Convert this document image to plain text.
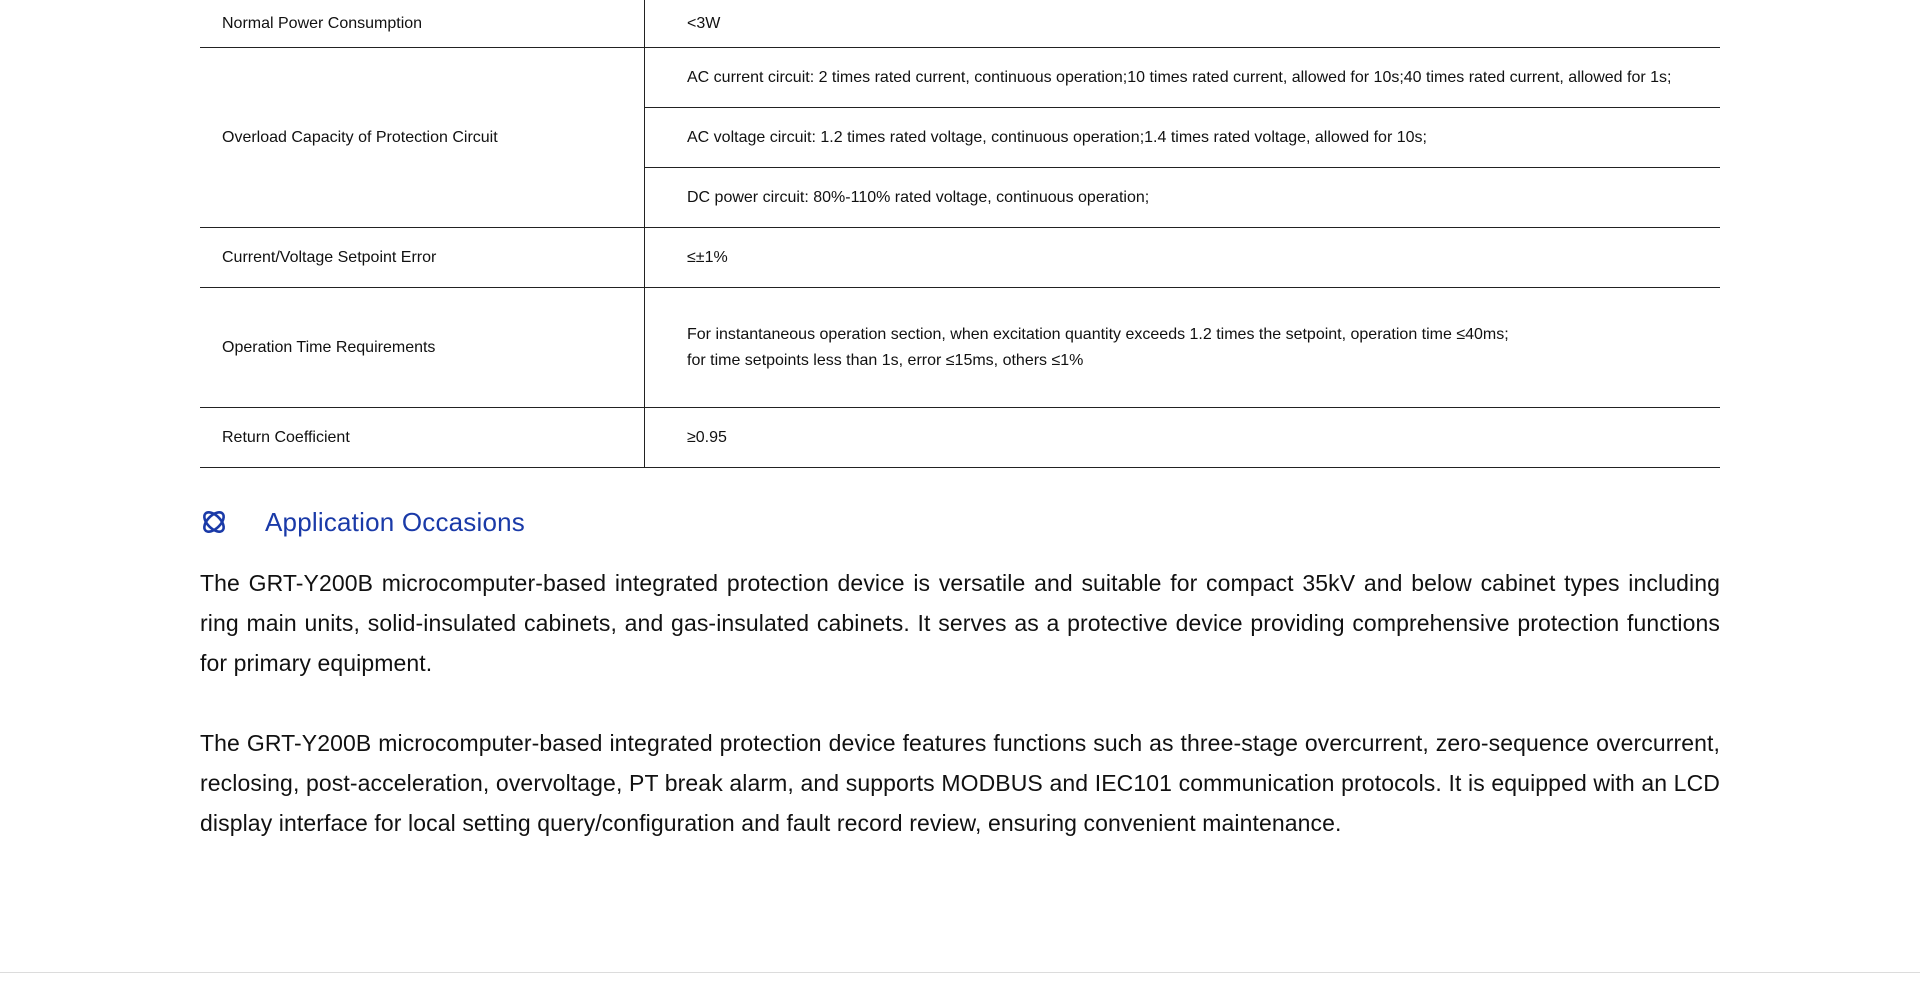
Normal Power Consumption	<3W
Overload Capacity of Protection Circuit	AC current circuit: 2 times rated current, continuous operation;10 times rated current, allowed for 10s;40 times rated current, allowed for 1s;
	AC voltage circuit: 1.2 times rated voltage, continuous operation;1.4 times rated voltage, allowed for 10s;
	DC power circuit: 80%-110% rated voltage, continuous operation;
Current/Voltage Setpoint Error	≤±1%
Operation Time Requirements	For instantaneous operation section, when excitation quantity exceeds 1.2 times the setpoint, operation time ≤40ms;
for time setpoints less than 1s, error ≤15ms, others ≤1%

Return Coefficient	≥0.95
Application Occasions

The GRT-Y200B microcomputer-based integrated protection device is versatile and suitable for compact 35kV and below cabinet types including ring main units, solid-insulated cabinets, and gas-insulated cabinets. It serves as a protective device providing comprehensive protection functions for primary equipment.

The GRT-Y200B microcomputer-based integrated protection device features functions such as three-stage overcurrent, zero-sequence overcurrent, reclosing, post-acceleration, overvoltage, PT break alarm, and supports MODBUS and IEC101 communication protocols. It is equipped with an LCD display interface for local setting query/configuration and fault record review, ensuring convenient maintenance.
